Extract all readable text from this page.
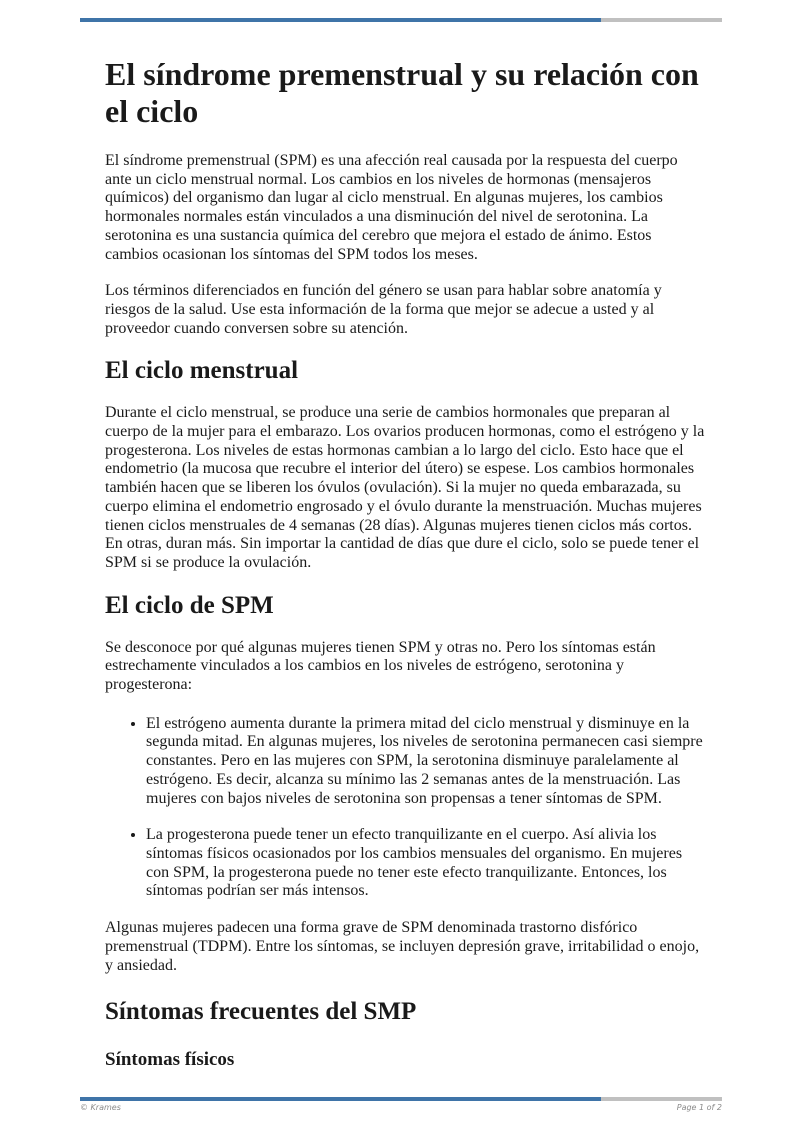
El síndrome premenstrual y su relación con el ciclo

El síndrome premenstrual (SPM) es una afección real causada por la respuesta del cuerpo ante un ciclo menstrual normal. Los cambios en los niveles de hormonas (mensajeros químicos) del organismo dan lugar al ciclo menstrual. En algunas mujeres, los cambios hormonales normales están vinculados a una disminución del nivel de serotonina. La serotonina es una sustancia química del cerebro que mejora el estado de ánimo. Estos cambios ocasionan los síntomas del SPM todos los meses.

Los términos diferenciados en función del género se usan para hablar sobre anatomía y riesgos de la salud. Use esta información de la forma que mejor se adecue a usted y al proveedor cuando conversen sobre su atención.

El ciclo menstrual

Durante el ciclo menstrual, se produce una serie de cambios hormonales que preparan al cuerpo de la mujer para el embarazo. Los ovarios producen hormonas, como el estrógeno y la progesterona. Los niveles de estas hormonas cambian a lo largo del ciclo. Esto hace que el endometrio (la mucosa que recubre el interior del útero) se espese. Los cambios hormonales también hacen que se liberen los óvulos (ovulación). Si la mujer no queda embarazada, su cuerpo elimina el endometrio engrosado y el óvulo durante la menstruación. Muchas mujeres tienen ciclos menstruales de 4 semanas (28 días). Algunas mujeres tienen ciclos más cortos. En otras, duran más. Sin importar la cantidad de días que dure el ciclo, solo se puede tener el SPM si se produce la ovulación.

El ciclo de SPM

Se desconoce por qué algunas mujeres tienen SPM y otras no. Pero los síntomas están estrechamente vinculados a los cambios en los niveles de estrógeno, serotonina y progesterona:

• El estrógeno aumenta durante la primera mitad del ciclo menstrual y disminuye en la segunda mitad. En algunas mujeres, los niveles de serotonina permanecen casi siempre constantes. Pero en las mujeres con SPM, la serotonina disminuye paralelamente al estrógeno. Es decir, alcanza su mínimo las 2 semanas antes de la menstruación. Las mujeres con bajos niveles de serotonina son propensas a tener síntomas de SPM.
• La progesterona puede tener un efecto tranquilizante en el cuerpo. Así alivia los síntomas físicos ocasionados por los cambios mensuales del organismo. En mujeres con SPM, la progesterona puede no tener este efecto tranquilizante. Entonces, los síntomas podrían ser más intensos.

Algunas mujeres padecen una forma grave de SPM denominada trastorno disfórico premenstrual (TDPM). Entre los síntomas, se incluyen depresión grave, irritabilidad o enojo, y ansiedad.

Síntomas frecuentes del SMP
Síntomas físicos
© Krames	Page 1 of 2
